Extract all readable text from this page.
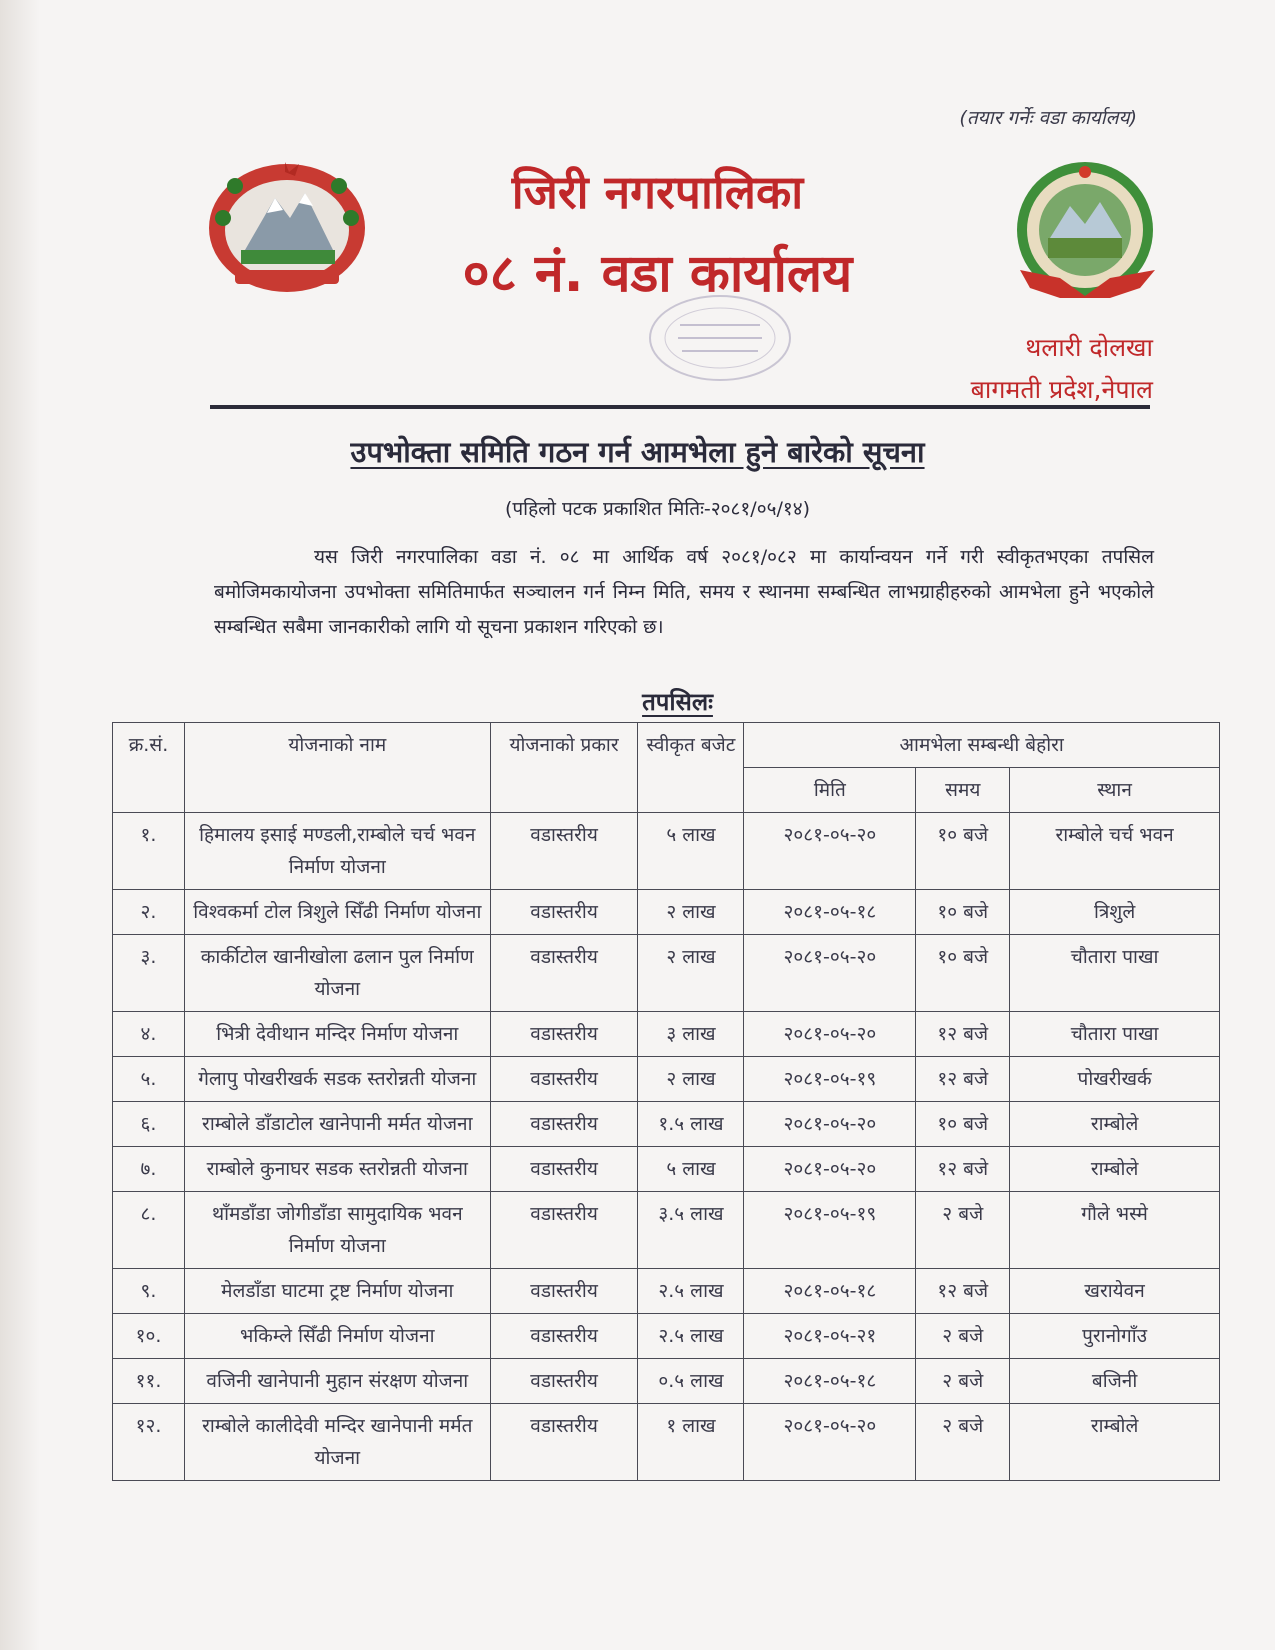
(तयार गर्नेः वडा कार्यालय)
जिरी नगरपालिका
०८ नं. वडा कार्यालय
थलारी दोलखा
बागमती प्रदेश,नेपाल
उपभोक्ता समिति गठन गर्न आमभेला हुने बारेको सूचना
(पहिलो पटक प्रकाशित मितिः-२०८१/०५/१४)
यस जिरी नगरपालिका वडा नं. ०८ मा आर्थिक वर्ष २०८१/०८२ मा कार्यान्वयन गर्ने गरी स्वीकृतभएका तपसिल बमोजिमकायोजना उपभोक्ता समितिमार्फत सञ्चालन गर्न निम्न मिति, समय र स्थानमा सम्बन्धित लाभग्राहीहरुको आमभेला हुने भएकोले सम्बन्धित सबैमा जानकारीको लागि यो सूचना प्रकाशन गरिएको छ।
तपसिलः
क्र.सं.	योजनाको नाम	योजनाको प्रकार	स्वीकृत बजेट	आमभेला सम्बन्धी बेहोरा		
				मिति	समय	स्थान
१.	हिमालय इसाई मण्डली,राम्बोले चर्च भवन निर्माण योजना	वडास्तरीय	५ लाख	२०८१-०५-२०	१० बजे	राम्बोले चर्च भवन
२.	विश्वकर्मा टोल त्रिशुले सिँढी निर्माण योजना	वडास्तरीय	२ लाख	२०८१-०५-१८	१० बजे	त्रिशुले
३.	कार्कीटोल खानीखोला ढलान पुल निर्माण योजना	वडास्तरीय	२ लाख	२०८१-०५-२०	१० बजे	चौतारा पाखा
४.	भित्री देवीथान मन्दिर निर्माण योजना	वडास्तरीय	३ लाख	२०८१-०५-२०	१२ बजे	चौतारा पाखा
५.	गेलापु पोखरीखर्क सडक स्तरोन्नती योजना	वडास्तरीय	२ लाख	२०८१-०५-१९	१२ बजे	पोखरीखर्क
६.	राम्बोले डाँडाटोल खानेपानी मर्मत योजना	वडास्तरीय	१.५ लाख	२०८१-०५-२०	१० बजे	राम्बोले
७.	राम्बोले कुनाघर सडक स्तरोन्नती योजना	वडास्तरीय	५ लाख	२०८१-०५-२०	१२ बजे	राम्बोले
८.	थाँमडाँडा जोगीडाँडा सामुदायिक भवन निर्माण योजना	वडास्तरीय	३.५ लाख	२०८१-०५-१९	२ बजे	गौले भस्मे
९.	मेलडाँडा घाटमा ट्रष्ट निर्माण योजना	वडास्तरीय	२.५ लाख	२०८१-०५-१८	१२ बजे	खरायेवन
१०.	भकिम्ले सिँढी निर्माण योजना	वडास्तरीय	२.५ लाख	२०८१-०५-२१	२ बजे	पुरानोगाँउ
११.	वजिनी खानेपानी मुहान संरक्षण योजना	वडास्तरीय	०.५ लाख	२०८१-०५-१८	२ बजे	बजिनी
१२.	राम्बोले कालीदेवी मन्दिर खानेपानी मर्मत योजना	वडास्तरीय	१ लाख	२०८१-०५-२०	२ बजे	राम्बोले
